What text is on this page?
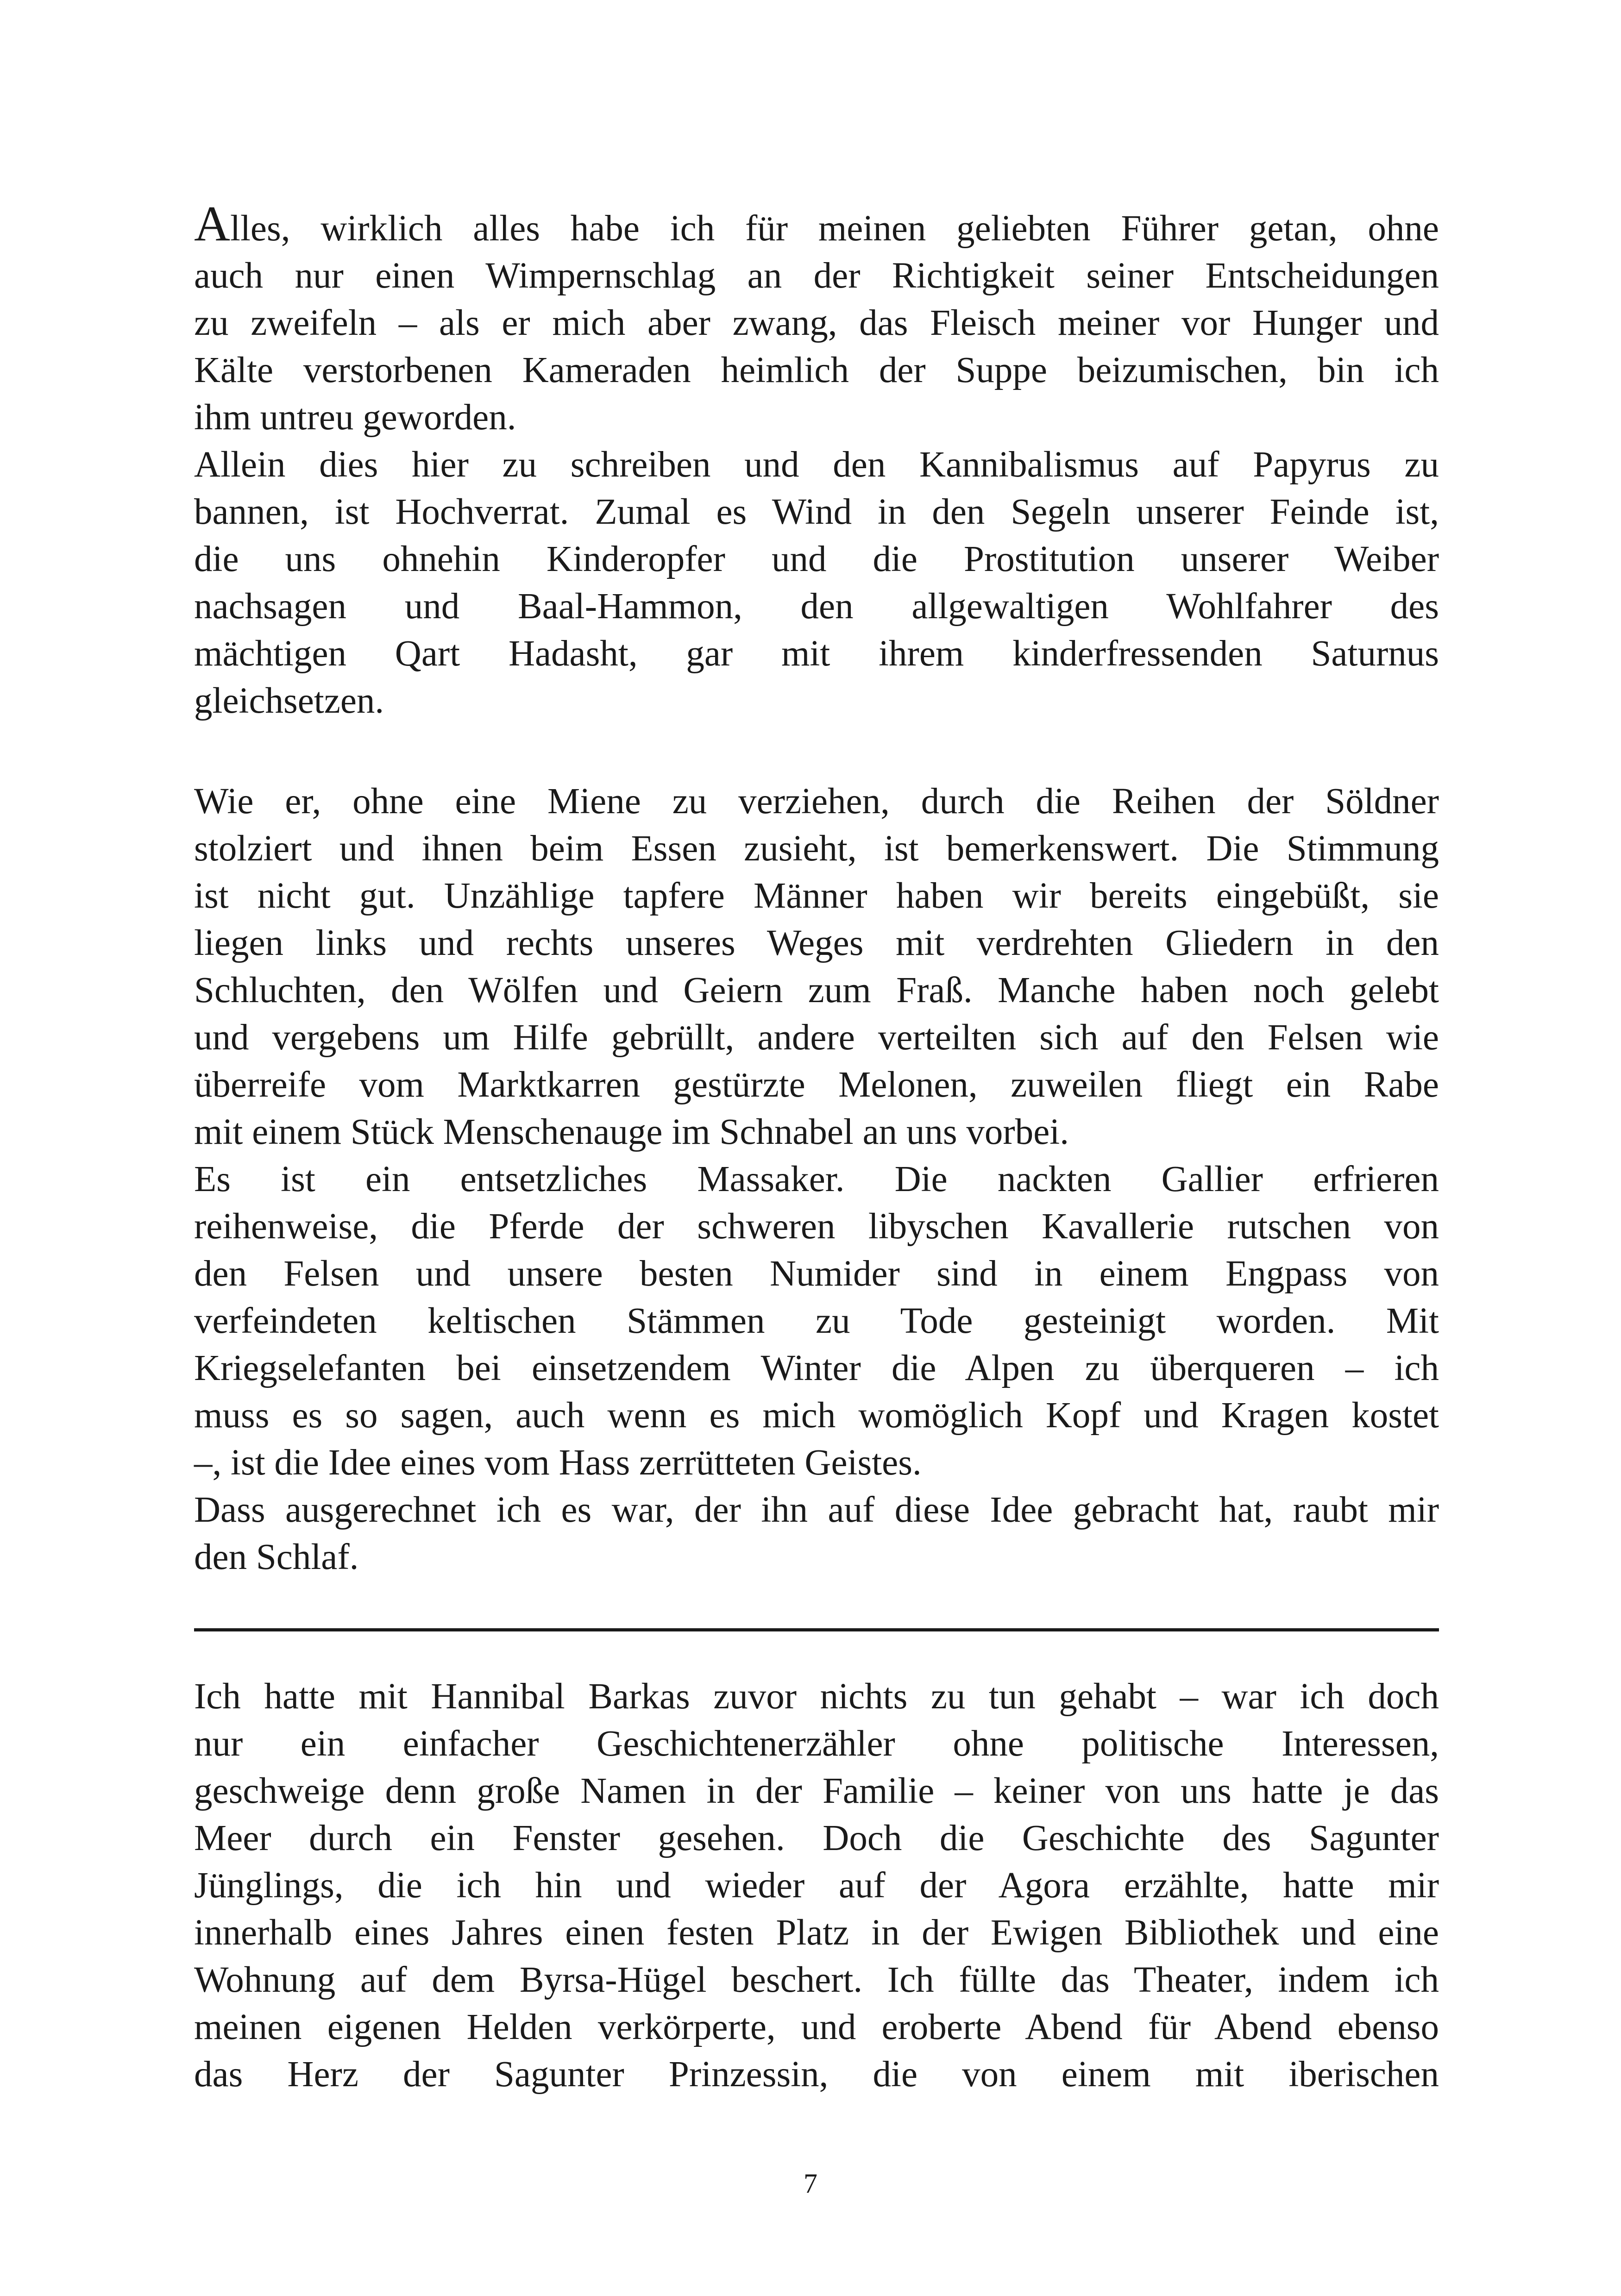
Alles, wirklich alles habe ich für meinen geliebten Führer getan, ohne
auch nur einen Wimpernschlag an der Richtigkeit seiner Entscheidungen
zu zweifeln – als er mich aber zwang, das Fleisch meiner vor Hunger und
Kälte verstorbenen Kameraden heimlich der Suppe beizumischen, bin ich
ihm untreu geworden.
Allein dies hier zu schreiben und den Kannibalismus auf Papyrus zu
bannen, ist Hochverrat. Zumal es Wind in den Segeln unserer Feinde ist,
die uns ohnehin Kinderopfer und die Prostitution unserer Weiber
nachsagen und Baal-Hammon, den allgewaltigen Wohlfahrer des
mächtigen Qart Hadasht, gar mit ihrem kinderfressenden Saturnus
gleichsetzen.
Wie er, ohne eine Miene zu verziehen, durch die Reihen der Söldner
stolziert und ihnen beim Essen zusieht, ist bemerkenswert. Die Stimmung
ist nicht gut. Unzählige tapfere Männer haben wir bereits eingebüßt, sie
liegen links und rechts unseres Weges mit verdrehten Gliedern in den
Schluchten, den Wölfen und Geiern zum Fraß. Manche haben noch gelebt
und vergebens um Hilfe gebrüllt, andere verteilten sich auf den Felsen wie
überreife vom Marktkarren gestürzte Melonen, zuweilen fliegt ein Rabe
mit einem Stück Menschenauge im Schnabel an uns vorbei.
Es ist ein entsetzliches Massaker. Die nackten Gallier erfrieren
reihenweise, die Pferde der schweren libyschen Kavallerie rutschen von
den Felsen und unsere besten Numider sind in einem Engpass von
verfeindeten keltischen Stämmen zu Tode gesteinigt worden. Mit
Kriegselefanten bei einsetzendem Winter die Alpen zu überqueren – ich
muss es so sagen, auch wenn es mich womöglich Kopf und Kragen kostet
–, ist die Idee eines vom Hass zerrütteten Geistes.
Dass ausgerechnet ich es war, der ihn auf diese Idee gebracht hat, raubt mir
den Schlaf.
Ich hatte mit Hannibal Barkas zuvor nichts zu tun gehabt – war ich doch
nur ein einfacher Geschichtenerzähler ohne politische Interessen,
geschweige denn große Namen in der Familie – keiner von uns hatte je das
Meer durch ein Fenster gesehen. Doch die Geschichte des Sagunter
Jünglings, die ich hin und wieder auf der Agora erzählte, hatte mir
innerhalb eines Jahres einen festen Platz in der Ewigen Bibliothek und eine
Wohnung auf dem Byrsa-Hügel beschert. Ich füllte das Theater, indem ich
meinen eigenen Helden verkörperte, und eroberte Abend für Abend ebenso
das Herz der Sagunter Prinzessin, die von einem mit iberischen
7
